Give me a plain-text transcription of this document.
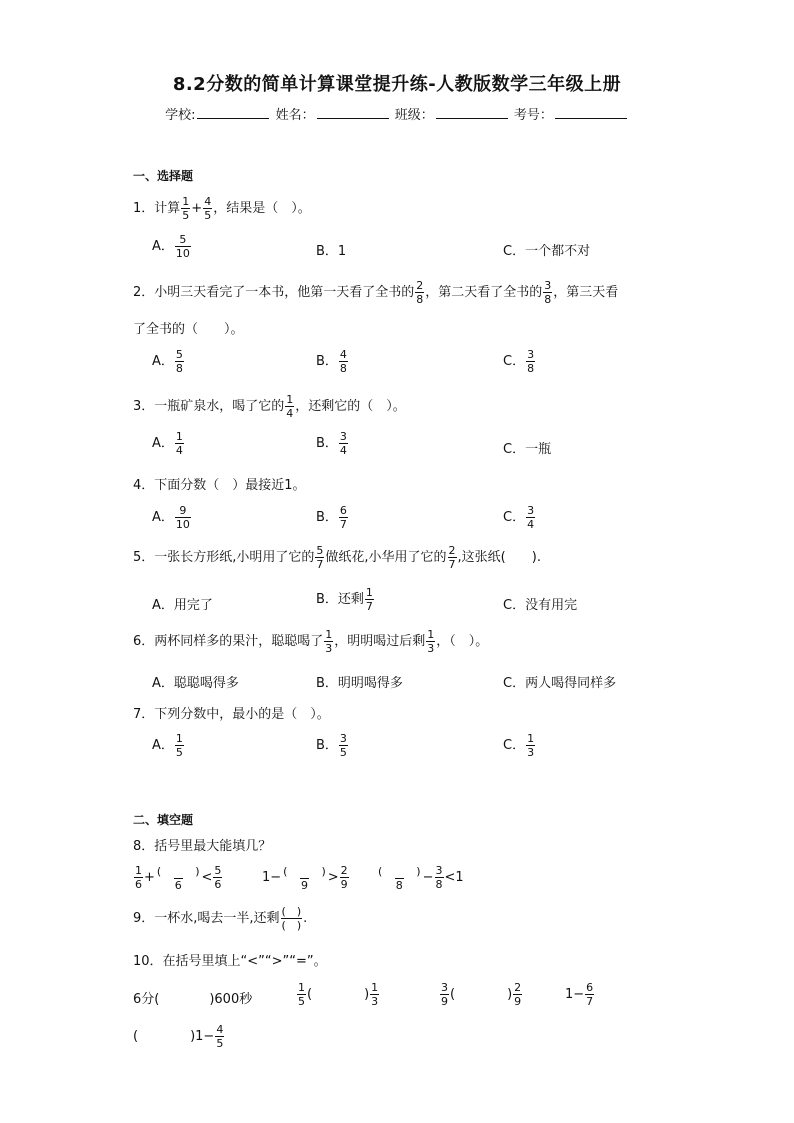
8.2分数的简单计算课堂提升练-人教版数学三年级上册
学校:	姓名：	班级：	考号：
一、选择题
1．计算 $\frac{1}{5} + \frac{4}{5}$ ，结果是（　）。
A． $\frac{5}{10}$	B．1	C．一个都不对
2．小明三天看完了一本书，他第一天看了全书的 $\frac{2}{8}$ ，第二天看了全书的 $\frac{3}{8}$ ，第三天看
了全书的（　　）。
A． $\frac{5}{8}$	B． $\frac{4}{8}$	C． $\frac{3}{8}$
3．一瓶矿泉水，喝了它的 $\frac{1}{4}$ ，还剩它的（　）。
A． $\frac{1}{4}$	B． $\frac{3}{4}$	C．一瓶
4．下面分数（　）最接近1。
A． $\frac{9}{10}$	B． $\frac{6}{7}$	C． $\frac{3}{4}$
5．一张长方形纸,小明用了它的 $\frac{5}{7}$ 做纸花,小华用了它的 $\frac{2}{7}$ ,这张纸(　　).
A．用完了	B．还剩 $\frac{1}{7}$	C．没有用完
6．两杯同样多的果汁，聪聪喝了 $\frac{1}{3}$ ，明明喝过后剩 $\frac{1}{3}$ ，（　）。
A．聪聪喝得多	B．明明喝得多	C．两人喝得同样多
7．下列分数中，最小的是（　）。
A． $\frac{1}{5}$	B． $\frac{3}{5}$	C． $\frac{1}{3}$
二、填空题
8．括号里最大能填几？
$\frac{1}{6}$ + (	)
$6 < \frac{5}{6}$	1− (	)
$9 > \frac{2}{9}$	(	)
$8 - \frac{3}{8} <1$
9．一杯水,喝去一半,还剩 $\frac{( )}{( )}$ .
10．在括号里填上“<”“>”“=”。
6分(	)600秒	$\frac{1}{5}$ (	) $\frac{1}{3}$	$\frac{3}{9}$ (	) $\frac{2}{9}$	$1- \frac{6}{7}$
(	)$1- \frac{4}{5}$
